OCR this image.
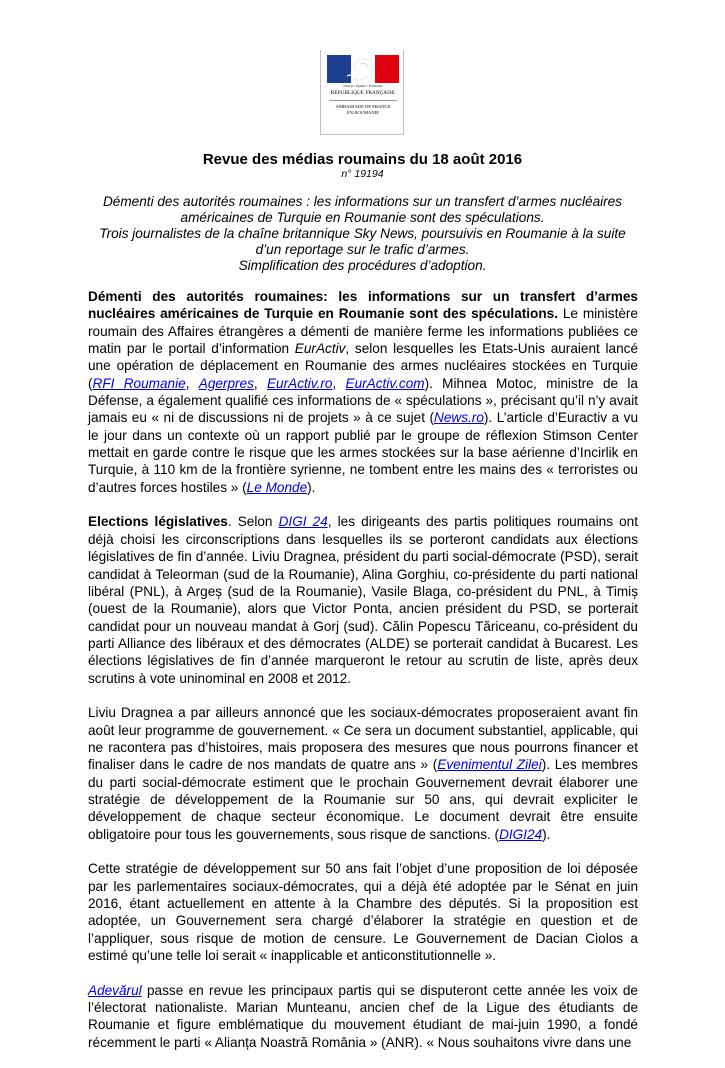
Liberté • Égalité • Fraternité
RÉPUBLIQUE FRANÇAISE
AMBASSADE DE FRANCE
EN ROUMANIE
Revue des médias roumains du 18 août 2016
n° 19194
Démenti des autorités roumaines : les informations sur un transfert d’armes nucléaires américaines de Turquie en Roumanie sont des spéculations.
Trois journalistes de la chaîne britannique Sky News, poursuivis en Roumanie à la suite d’un reportage sur le trafic d’armes.
Simplification des procédures d’adoption.

Démenti des autorités roumaines: les informations sur un transfert d’armes nucléaires américaines de Turquie en Roumanie sont des spéculations. Le ministère roumain des Affaires étrangères a démenti de manière ferme les informations publiées ce matin par le portail d’information EurActiv, selon lesquelles les Etats-Unis auraient lancé une opération de déplacement en Roumanie des armes nucléaires stockées en Turquie (RFI Roumanie, Agerpres, EurActiv.ro, EurActiv.com). Mihnea Motoc, ministre de la Défense, a également qualifié ces informations de « spéculations », précisant qu’il n’y avait jamais eu « ni de discussions ni de projets » à ce sujet (News.ro). L’article d’Euractiv a vu le jour dans un contexte où un rapport publié par le groupe de réflexion Stimson Center mettait en garde contre le risque que les armes stockées sur la base aérienne d’Incirlik en Turquie, à 110 km de la frontière syrienne, ne tombent entre les mains des « terroristes ou d’autres forces hostiles » (Le Monde).

Elections législatives. Selon DIGI 24, les dirigeants des partis politiques roumains ont déjà choisi les circonscriptions dans lesquelles ils se porteront candidats aux élections législatives de fin d’année. Liviu Dragnea, président du parti social-démocrate (PSD), serait candidat à Teleorman (sud de la Roumanie), Alina Gorghiu, co-présidente du parti national libéral (PNL), à Argeș (sud de la Roumanie), Vasile Blaga, co-président du PNL, à Timiș (ouest de la Roumanie), alors que Victor Ponta, ancien président du PSD, se porterait candidat pour un nouveau mandat à Gorj (sud). Călin Popescu Tăriceanu, co-président du parti Alliance des libéraux et des démocrates (ALDE) se porterait candidat à Bucarest. Les élections législatives de fin d’année marqueront le retour au scrutin de liste, après deux scrutins à vote uninominal en 2008 et 2012.

Liviu Dragnea a par ailleurs annoncé que les sociaux-démocrates proposeraient avant fin août leur programme de gouvernement. « Ce sera un document substantiel, applicable, qui ne racontera pas d’histoires, mais proposera des mesures que nous pourrons financer et finaliser dans le cadre de nos mandats de quatre ans » (Evenimentul Zilei). Les membres du parti social-démocrate estiment que le prochain Gouvernement devrait élaborer une stratégie de développement de la Roumanie sur 50 ans, qui devrait expliciter le développement de chaque secteur économique. Le document devrait être ensuite obligatoire pour tous les gouvernements, sous risque de sanctions. (DIGI24).

Cette stratégie de développement sur 50 ans fait l’objet d’une proposition de loi déposée par les parlementaires sociaux-démocrates, qui a déjà été adoptée par le Sénat en juin 2016, étant actuellement en attente à la Chambre des députés. Si la proposition est adoptée, un Gouvernement sera chargé d’élaborer la stratégie en question et de l’appliquer, sous risque de motion de censure. Le Gouvernement de Dacian Ciolos a estimé qu’une telle loi serait « inapplicable et anticonstitutionnelle ».

Adevărul passe en revue les principaux partis qui se disputeront cette année les voix de l’électorat nationaliste. Marian Munteanu, ancien chef de la Ligue des étudiants de Roumanie et figure emblématique du mouvement étudiant de mai-juin 1990, a fondé récemment le parti « Alianța Noastră România » (ANR). « Nous souhaitons vivre dans une
